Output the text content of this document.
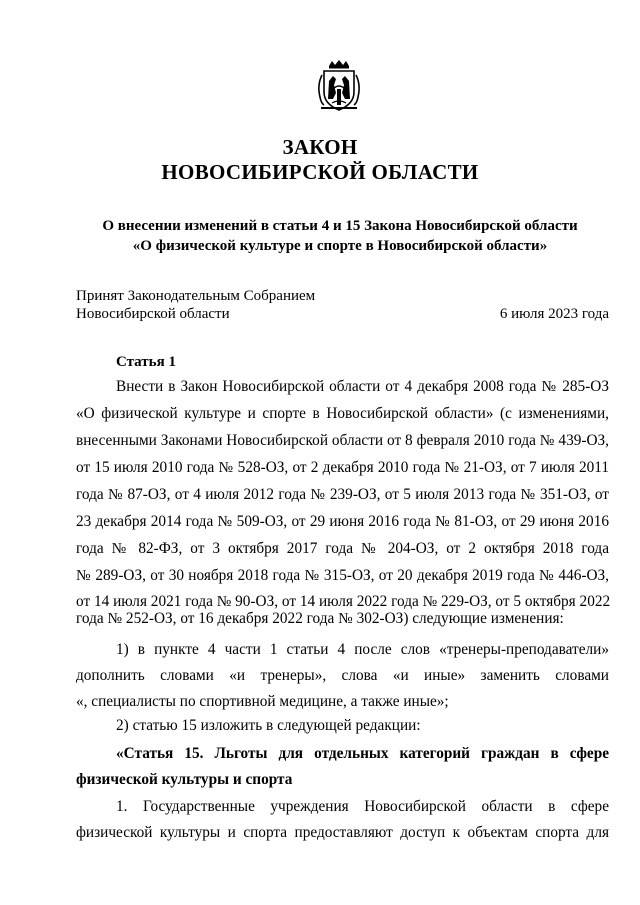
ЗАКОН
НОВОСИБИРСКОЙ ОБЛАСТИ
О внесении изменений в статьи 4 и 15 Закона Новосибирской области
«О физической культуре и спорте в Новосибирской области»
Принят Законодательным Собранием
Новосибирской области	6 июля 2023 года
Статья 1
Внести в Закон Новосибирской области от 4 декабря 2008 года № 285-ОЗ
«О физической культуре и спорте в Новосибирской области» (с изменениями,
внесенными Законами Новосибирской области от 8 февраля 2010 года № 439-ОЗ,
от 15 июля 2010 года № 528-ОЗ, от 2 декабря 2010 года № 21-ОЗ, от 7 июля 2011
года № 87-ОЗ, от 4 июля 2012 года № 239-ОЗ, от 5 июля 2013 года № 351-ОЗ, от
23 декабря 2014 года № 509-ОЗ, от 29 июня 2016 года № 81-ОЗ, от 29 июня 2016
года № 82-ФЗ, от 3 октября 2017 года № 204-ОЗ, от 2 октября 2018 года
№ 289-ОЗ, от 30 ноября 2018 года № 315-ОЗ, от 20 декабря 2019 года № 446-ОЗ,
от 14 июля 2021 года № 90-ОЗ, от 14 июля 2022 года № 229-ОЗ, от 5 октября 2022
года № 252-ОЗ, от 16 декабря 2022 года № 302-ОЗ) следующие изменения:
1) в пункте 4 части 1 статьи 4 после слов «тренеры-преподаватели»
дополнить словами «и тренеры», слова «и иные» заменить словами
«, специалисты по спортивной медицине, а также иные»;
2) статью 15 изложить в следующей редакции:
«Статья 15. Льготы для отдельных категорий граждан в сфере
физической культуры и спорта
1. Государственные учреждения Новосибирской области в сфере
физической культуры и спорта предоставляют доступ к объектам спорта для
